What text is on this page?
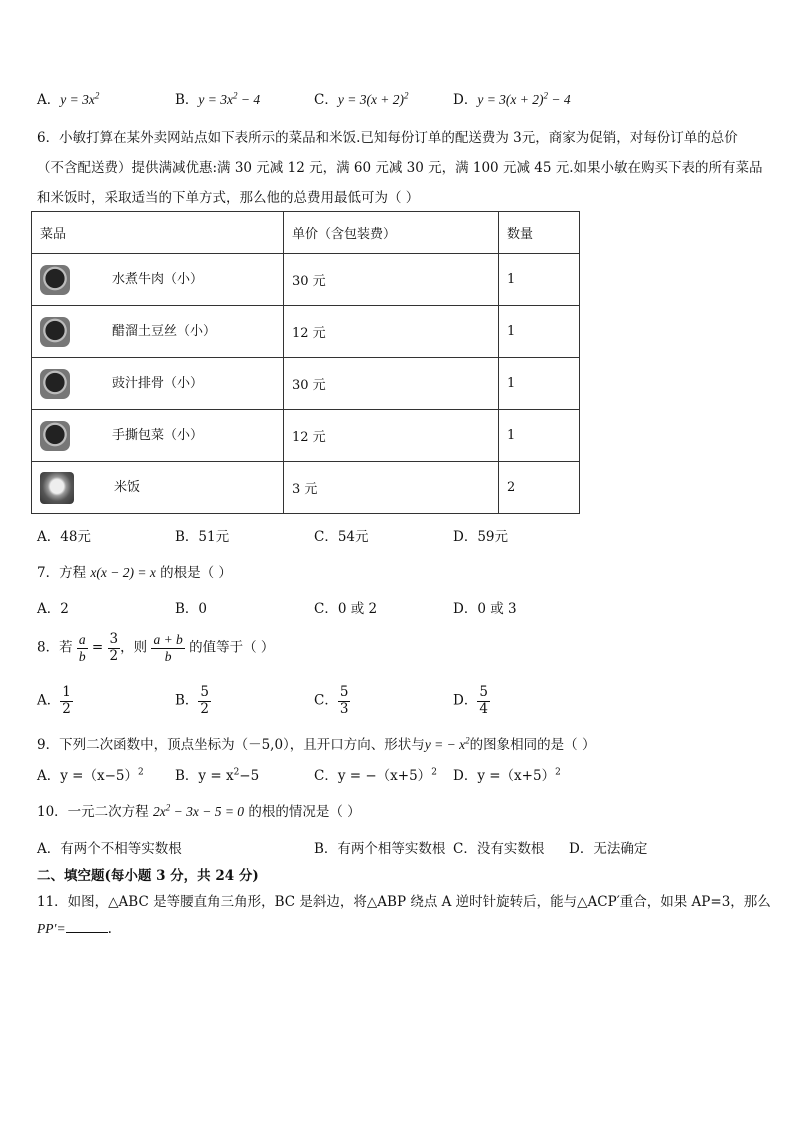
A．$y = 3x^2$	B．$y = 3x^2 - 4$	C．$y = 3(x + 2)^2$	D．$y = 3(x + 2)^2 - 4$
6．小敏打算在某外卖网站点如下表所示的菜品和米饭.已知每份订单的配送费为 3元，商家为促销，对每份订单的总价
（不含配送费）提供满减优惠:满 30 元减 12 元，满 60 元减 30 元，满 100 元减 45 元.如果小敏在购买下表的所有菜品
和米饭时，采取适当的下单方式，那么他的总费用最低可为（ ）
菜品	单价（含包装费）	数量
水煮牛肉（小）	30 元	1
醋溜土豆丝（小）	12 元	1
豉汁排骨（小）	30 元	1
手撕包菜（小）	12 元	1
米饭	3 元	2
A．48元	B．51元	C．54元	D．59元
7．方程 x(x − 2) = x 的根是（ ）
A．2	B．0	C．0 或 2	D．0 或 3
8．若 $\frac{a}{b} = \frac{3}{2}$ ，则 $\frac{a + b}{b}$ 的值等于（ ）
A． $\frac{1}{2}$	B． $\frac{5}{2}$	C． $\frac{5}{3}$	D． $\frac{5}{4}$
9．下列二次函数中，顶点坐标为（－5,0），且开口方向、形状与y = − $x^2$的图象相同的是（ ）
A．$y =(x-5)^2$ B．$y = x^2-5$	C．$y = -(x+5)^2$ D．$y =(x+5)^2$
10．一元二次方程 $2x^2 - 3x - 5 = 0$ 的根的情况是（ ）
A．有两个不相等实数根	B．有两个相等实数根 C．没有实数根 D．无法确定
二、填空题(每小题 3 分，共 24 分)
11．如图，△ABC 是等腰直角三角形，BC 是斜边，将△ABP 绕点 A 逆时针旋转后，能与△ACP′重合，如果 AP=3，那么
PP′=	.
